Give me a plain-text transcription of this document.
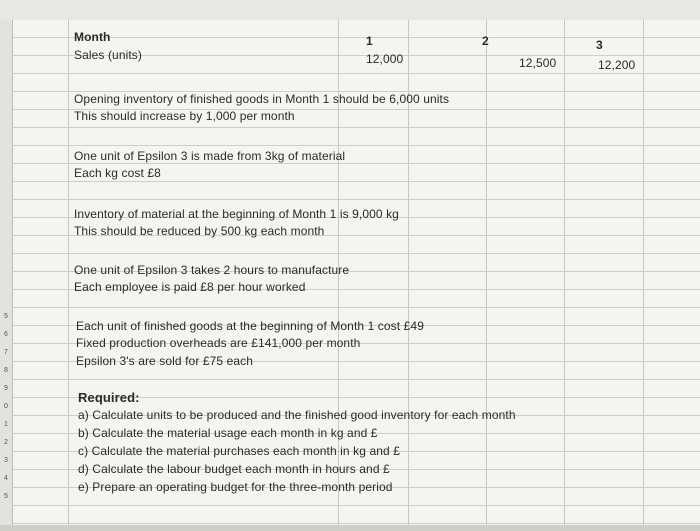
5
6
7
8
9
0
1
2
3
4
5
Month	1	2	3
Sales (units)	12,000	12,500	12,200
Opening inventory of finished goods in Month 1 should be 6,000 units
This should increase by 1,000 per month
One unit of Epsilon 3 is made from 3kg of material
Each kg cost £8
Inventory of material at the beginning of Month 1 is 9,000 kg
This should be reduced by 500 kg each month
One unit of Epsilon 3 takes 2 hours to manufacture
Each employee is paid £8 per hour worked
Each unit of finished goods at the beginning of Month 1 cost £49
Fixed production overheads are £141,000 per month
Epsilon 3's are sold for £75 each
Required:
a) Calculate units to be produced and the finished good inventory for each month
b) Calculate the material usage each month in kg and £
c) Calculate the material purchases each month in kg and £
d) Calculate the labour budget each month in hours and £
e) Prepare an operating budget for the three-month period
